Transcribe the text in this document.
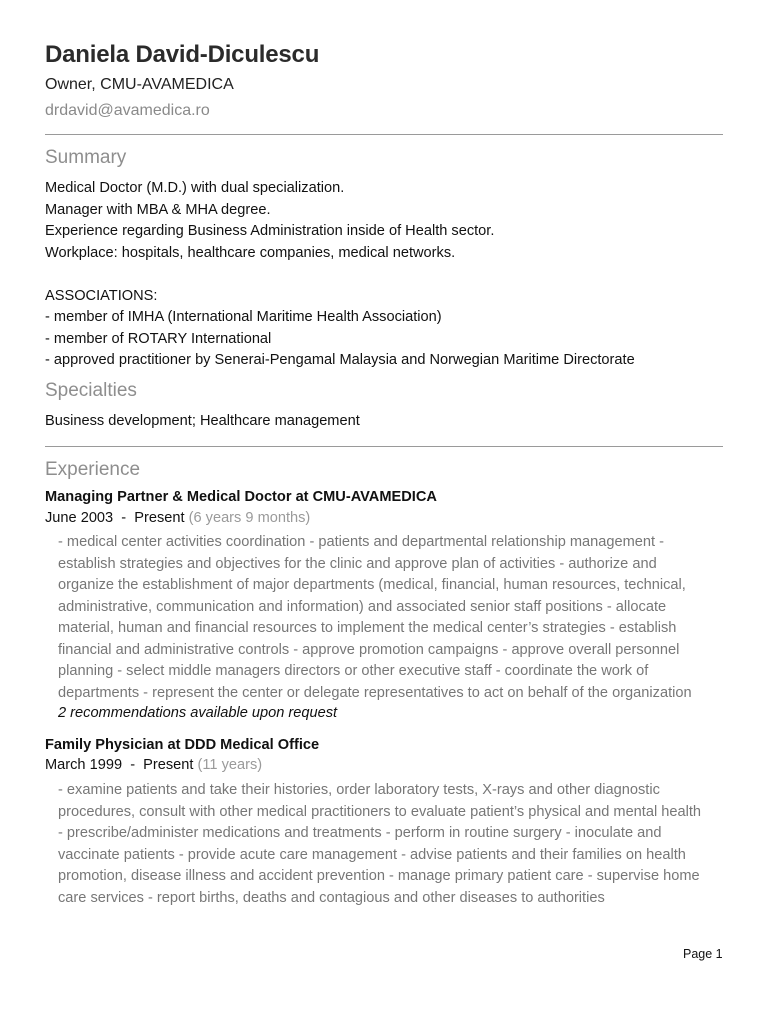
Daniela David-Diculescu
Owner, CMU-AVAMEDICA
drdavid@avamedica.ro
Summary
Medical Doctor (M.D.) with dual specialization.
Manager with MBA & MHA degree.
Experience regarding Business Administration inside of Health sector.
Workplace: hospitals, healthcare companies, medical networks.
ASSOCIATIONS:
- member of IMHA (International Maritime Health Association)
- member of ROTARY International
- approved practitioner by Senerai-Pengamal Malaysia and Norwegian Maritime Directorate
Specialties
Business development; Healthcare management
Experience
Managing Partner & Medical Doctor at CMU-AVAMEDICA
June 2003 - Present (6 years 9 months)
- medical center activities coordination - patients and departmental relationship management -
establish strategies and objectives for the clinic and approve plan of activities - authorize and
organize the establishment of major departments (medical, financial, human resources, technical,
administrative, communication and information) and associated senior staff positions - allocate
material, human and financial resources to implement the medical center’s strategies - establish
financial and administrative controls - approve promotion campaigns - approve overall personnel
planning - select middle managers directors or other executive staff - coordinate the work of
departments - represent the center or delegate representatives to act on behalf of the organization
2 recommendations available upon request
Family Physician at DDD Medical Office
March 1999 - Present (11 years)
- examine patients and take their histories, order laboratory tests, X-rays and other diagnostic
procedures, consult with other medical practitioners to evaluate patient’s physical and mental health
- prescribe/administer medications and treatments - perform in routine surgery - inoculate and
vaccinate patients - provide acute care management - advise patients and their families on health
promotion, disease illness and accident prevention - manage primary patient care - supervise home
care services - report births, deaths and contagious and other diseases to authorities
Page 1
